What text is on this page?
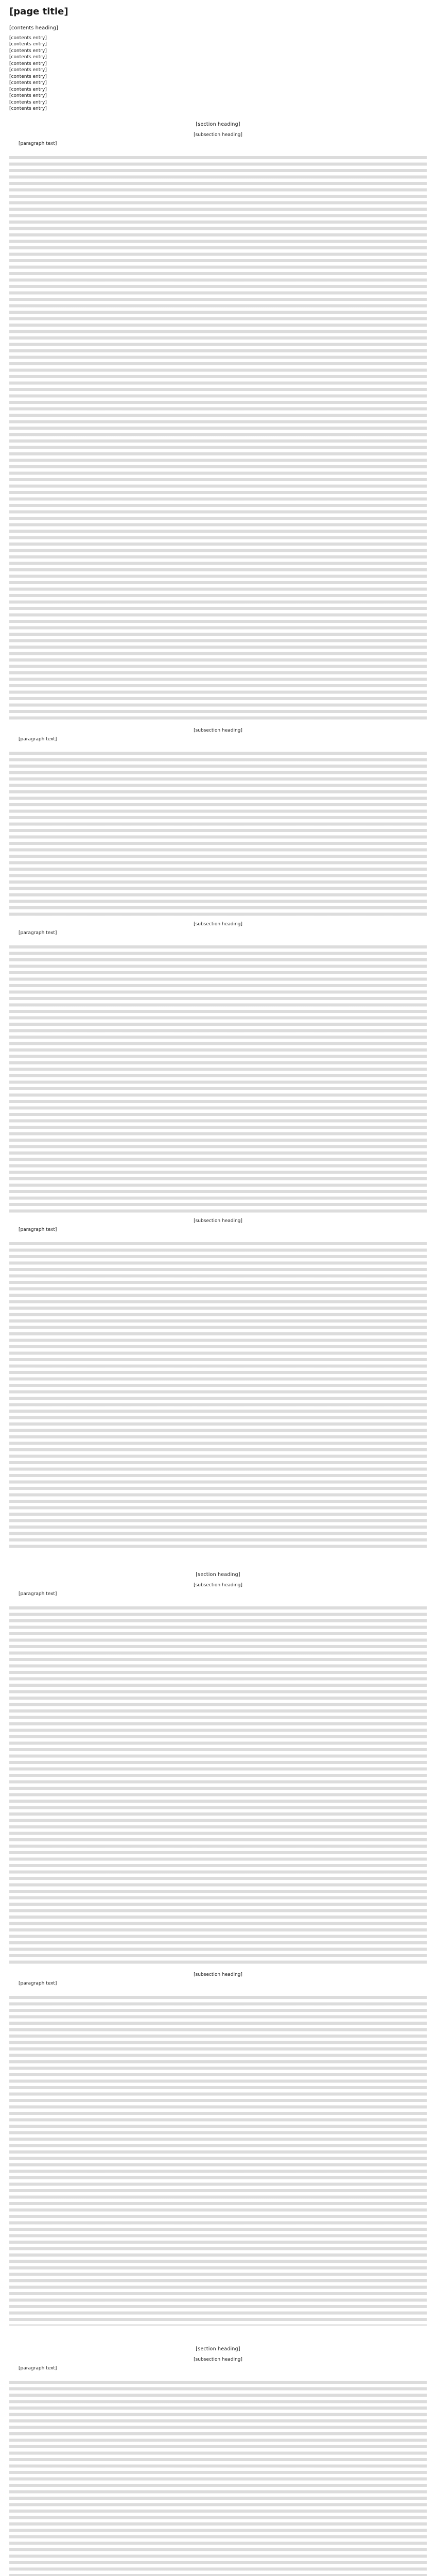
[page title]
[contents heading]
[contents entry]
[contents entry]
[contents entry]
[contents entry]
[contents entry]
[contents entry]
[contents entry]
[contents entry]
[contents entry]
[contents entry]
[contents entry]
[contents entry]
[section heading]
[subsection heading]

[paragraph text]

[subsection heading]

[paragraph text]

[subsection heading]

[paragraph text]

[subsection heading]

[paragraph text]

[section heading]
[subsection heading]

[paragraph text]

[subsection heading]

[paragraph text]

[section heading]
[subsection heading]

[paragraph text]
